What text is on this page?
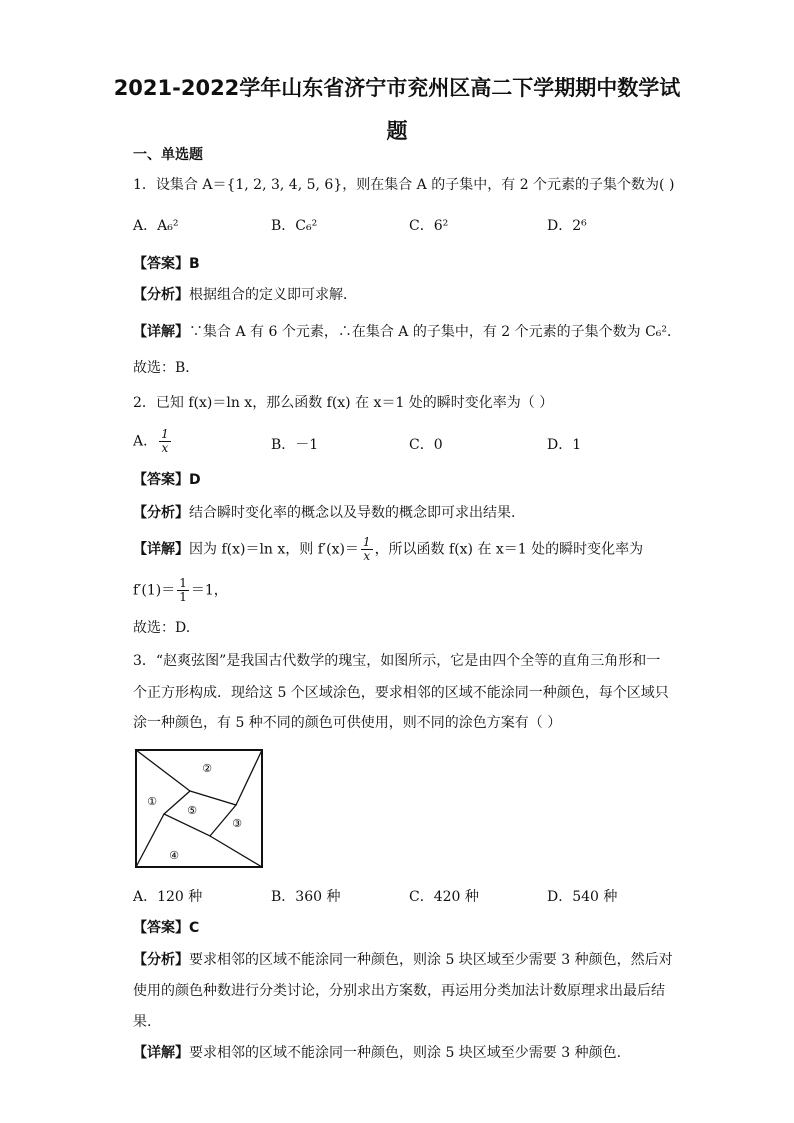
2021-2022学年山东省济宁市兖州区高二下学期期中数学试
题
一、单选题
1．设集合 A＝{1, 2, 3, 4, 5, 6}，则在集合 A 的子集中，有 2 个元素的子集个数为( )
A．A₆²	B．C₆²	C．6²	D．2⁶
【答案】B
【分析】根据组合的定义即可求解．
【详解】∵集合 A 有 6 个元素，∴在集合 A 的子集中，有 2 个元素的子集个数为 C₆²．
故选：B．
2．已知 f(x)＝ln x，那么函数 f(x) 在 x＝1 处的瞬时变化率为（ ）
A． $\frac{1}{x}$	B．－1	C．0	D．1
【答案】D
【分析】结合瞬时变化率的概念以及导数的概念即可求出结果.
【详解】因为 f(x)＝ln x，则 $f'(x)= \frac{1}{x}$ ，所以函数 f(x) 在 x＝1 处的瞬时变化率为
$f'(1)= \frac{1}{1} =1$，
故选：D.
3．“赵爽弦图”是我国古代数学的瑰宝，如图所示，它是由四个全等的直角三角形和一
个正方形构成．现给这 5 个区域涂色，要求相邻的区域不能涂同一种颜色，每个区域只
涂一种颜色，有 5 种不同的颜色可供使用，则不同的涂色方案有（ ）
①
②
③
④
⑤
A．120 种	B．360 种	C．420 种	D．540 种
【答案】C
【分析】要求相邻的区域不能涂同一种颜色，则涂 5 块区域至少需要 3 种颜色，然后对
使用的颜色种数进行分类讨论，分别求出方案数，再运用分类加法计数原理求出最后结
果.
【详解】要求相邻的区域不能涂同一种颜色，则涂 5 块区域至少需要 3 种颜色.
